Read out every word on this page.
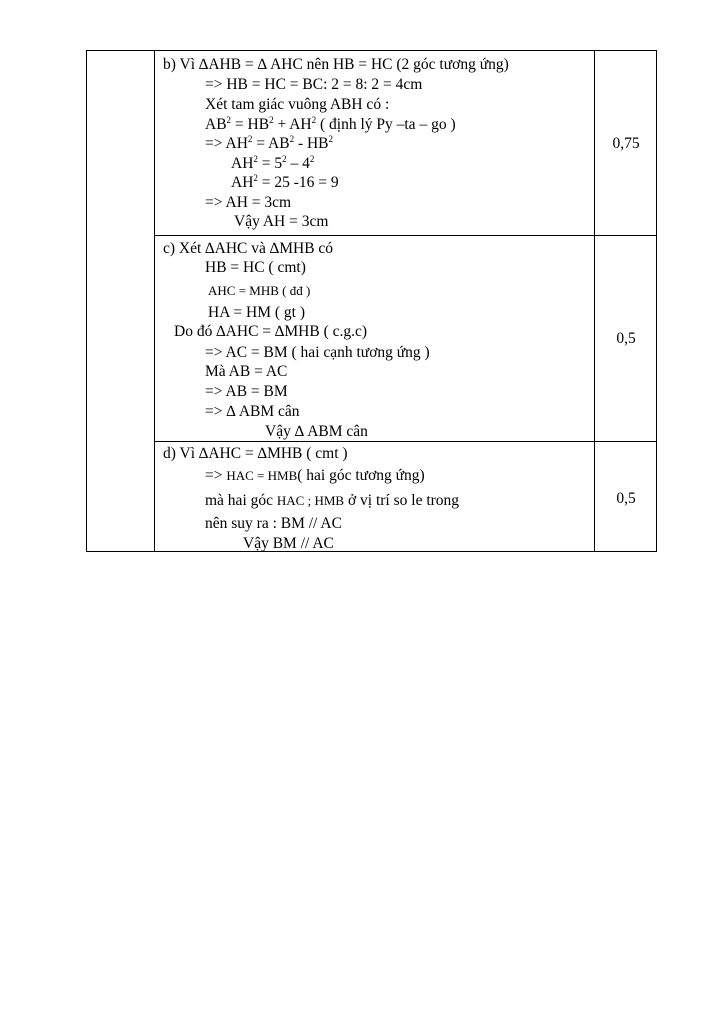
b) Vì ∆AHB = ∆ AHC nên HB = HC (2 góc tương ứng)
=> HB = HC = BC: 2 = 8: 2 = 4cm
Xét tam giác vuông ABH có :
$AB^2 = HB^2 + AH^2$ ( định lý Py –ta – go )
=> $AH^2 = AB^2 - HB^2$
$AH^2 = 5^2 - 4^2$
$AH^2 = 25$ -16 = 9
=> AH = 3cm
Vậy AH = 3cm
0,75
c) Xét ∆AHC và ∆MHB có
HB = HC ( cmt)
AHC = MHB ( đđ )
HA = HM ( gt )
Do đó ∆AHC = ∆MHB ( c.g.c)
=> AC = BM ( hai cạnh tương ứng )
Mà AB = AC
=> AB = BM
=> ∆ ABM cân
Vậy ∆ ABM cân
0,5
d) Vì ∆AHC = ∆MHB ( cmt )
=> HAC = HMB( hai góc tương ứng)
mà hai góc HAC ; HMB ở vị trí so le trong
nên suy ra : BM // AC
Vậy BM // AC
0,5
